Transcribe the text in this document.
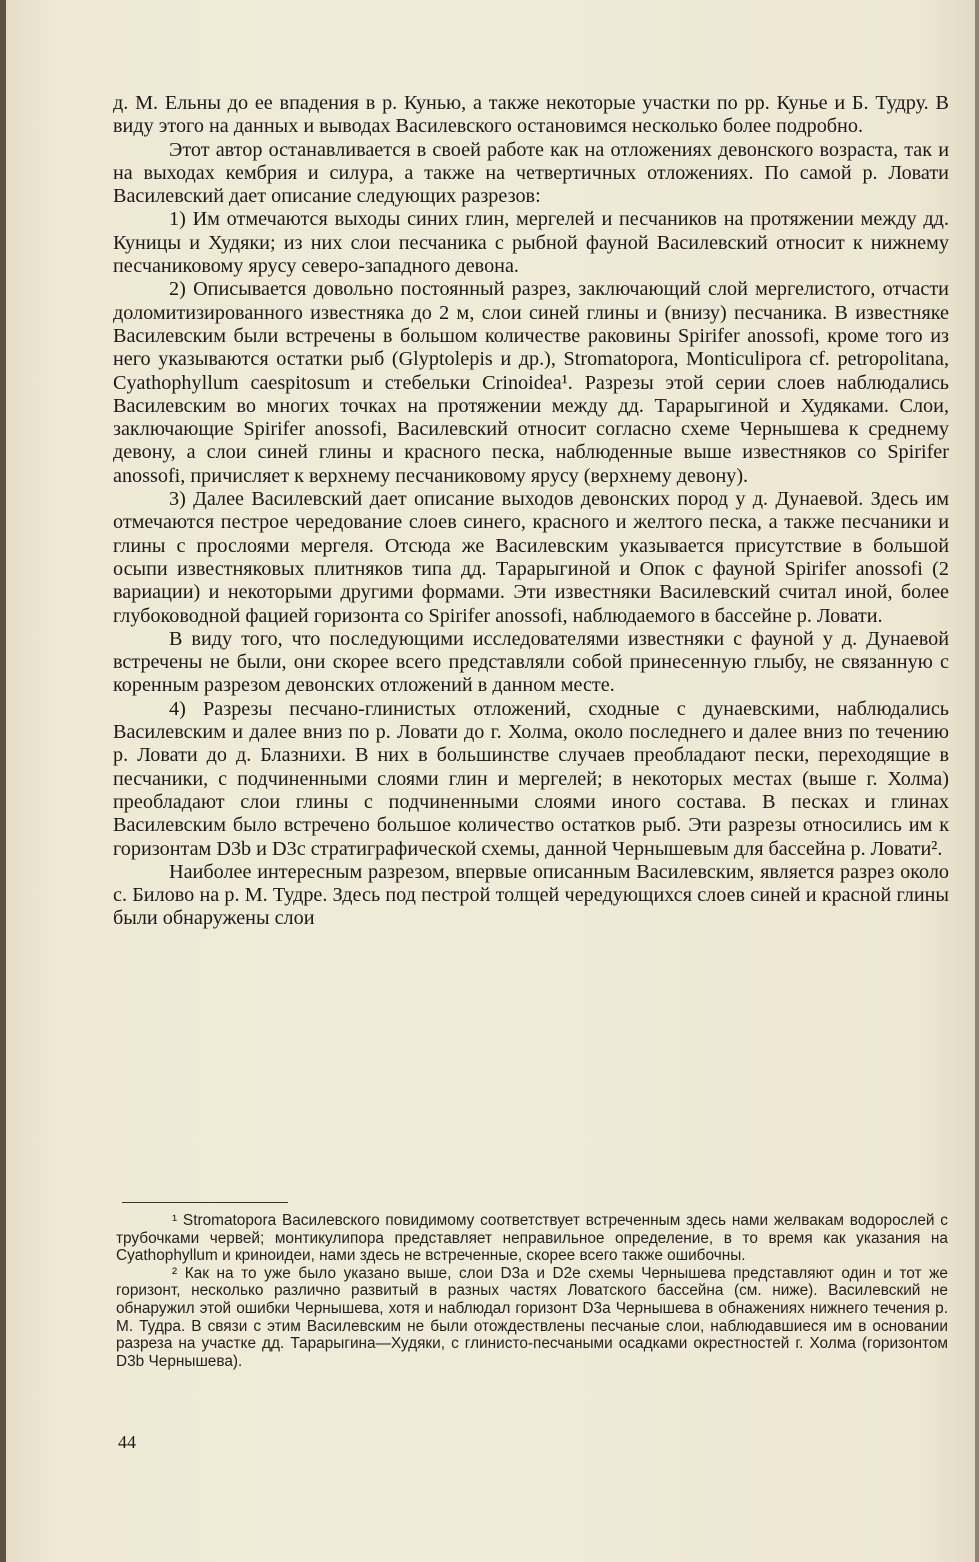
д. М. Ельны до ее впадения в р. Кунью, а также некоторые участки по рр. Кунье и Б. Тудру. В виду этого на данных и выводах Василевского остановимся несколько более подробно.

Этот автор останавливается в своей работе как на отложениях девонского возраста, так и на выходах кембрия и силура, а также на четвертичных отложениях. По самой р. Ловати Василевский дает описание следующих разрезов:

1) Им отмечаются выходы синих глин, мергелей и песчаников на протяжении между дд. Куницы и Худяки; из них слои песчаника с рыбной фауной Василевский относит к нижнему песчаниковому ярусу северо-западного девона.

2) Описывается довольно постоянный разрез, заключающий слой мергелистого, отчасти доломитизированного известняка до 2 м, слои синей глины и (внизу) песчаника. В известняке Василевским были встречены в большом количестве раковины Spirifer anossofi, кроме того из него указываются остатки рыб (Glyptolepis и др.), Stromatopora, Monticulipora cf. petropolitana, Cyathophyllum caespitosum и стебельки Crinoidea¹. Разрезы этой серии слоев наблюдались Василевским во многих точках на протяжении между дд. Тарарыгиной и Худяками. Слои, заключающие Spirifer anossofi, Василевский относит согласно схеме Чернышева к среднему девону, а слои синей глины и красного песка, наблюденные выше известняков со Spirifer anossofi, причисляет к верхнему песчаниковому ярусу (верхнему девону).

3) Далее Василевский дает описание выходов девонских пород у д. Дунаевой. Здесь им отмечаются пестрое чередование слоев синего, красного и желтого песка, а также песчаники и глины с прослоями мергеля. Отсюда же Василевским указывается присутствие в большой осыпи известняковых плитняков типа дд. Тарарыгиной и Опок с фауной Spirifer anossofi (2 вариации) и некоторыми другими формами. Эти известняки Василевский считал иной, более глубоководной фацией горизонта со Spirifer anossofi, наблюдаемого в бассейне р. Ловати.

В виду того, что последующими исследователями известняки с фауной у д. Дунаевой встречены не были, они скорее всего представляли собой принесенную глыбу, не связанную с коренным разрезом девонских отложений в данном месте.

4) Разрезы песчано-глинистых отложений, сходные с дунаевскими, наблюдались Василевским и далее вниз по р. Ловати до г. Холма, около последнего и далее вниз по течению р. Ловати до д. Блазнихи. В них в большинстве случаев преобладают пески, переходящие в песчаники, с подчиненными слоями глин и мергелей; в некоторых местах (выше г. Холма) преобладают слои глины с подчиненными слоями иного состава. В песках и глинах Василевским было встречено большое количество остатков рыб. Эти разрезы относились им к горизонтам D3b и D3c стратиграфической схемы, данной Чернышевым для бассейна р. Ловати².

Наиболее интересным разрезом, впервые описанным Василевским, является разрез около с. Билово на р. М. Тудре. Здесь под пестрой толщей чередующихся слоев синей и красной глины были обнаружены слои

¹ Stromatopora Василевского повидимому соответствует встреченным здесь нами желвакам водорослей с трубочками червей; монтикулипора представляет неправильное определение, в то время как указания на Cyathophyllum и криноидеи, нами здесь не встреченные, скорее всего также ошибочны.

² Как на то уже было указано выше, слои D3a и D2e схемы Чернышева представляют один и тот же горизонт, несколько различно развитый в разных частях Ловатского бассейна (см. ниже). Василевский не обнаружил этой ошибки Чернышева, хотя и наблюдал горизонт D3a Чернышева в обнажениях нижнего течения р. М. Тудра. В связи с этим Василевским не были отождествлены песчаные слои, наблюдавшиеся им в основании разреза на участке дд. Тарарыгина—Худяки, с глинисто-песчаными осадками окрестностей г. Холма (горизонтом D3b Чернышева).

44
